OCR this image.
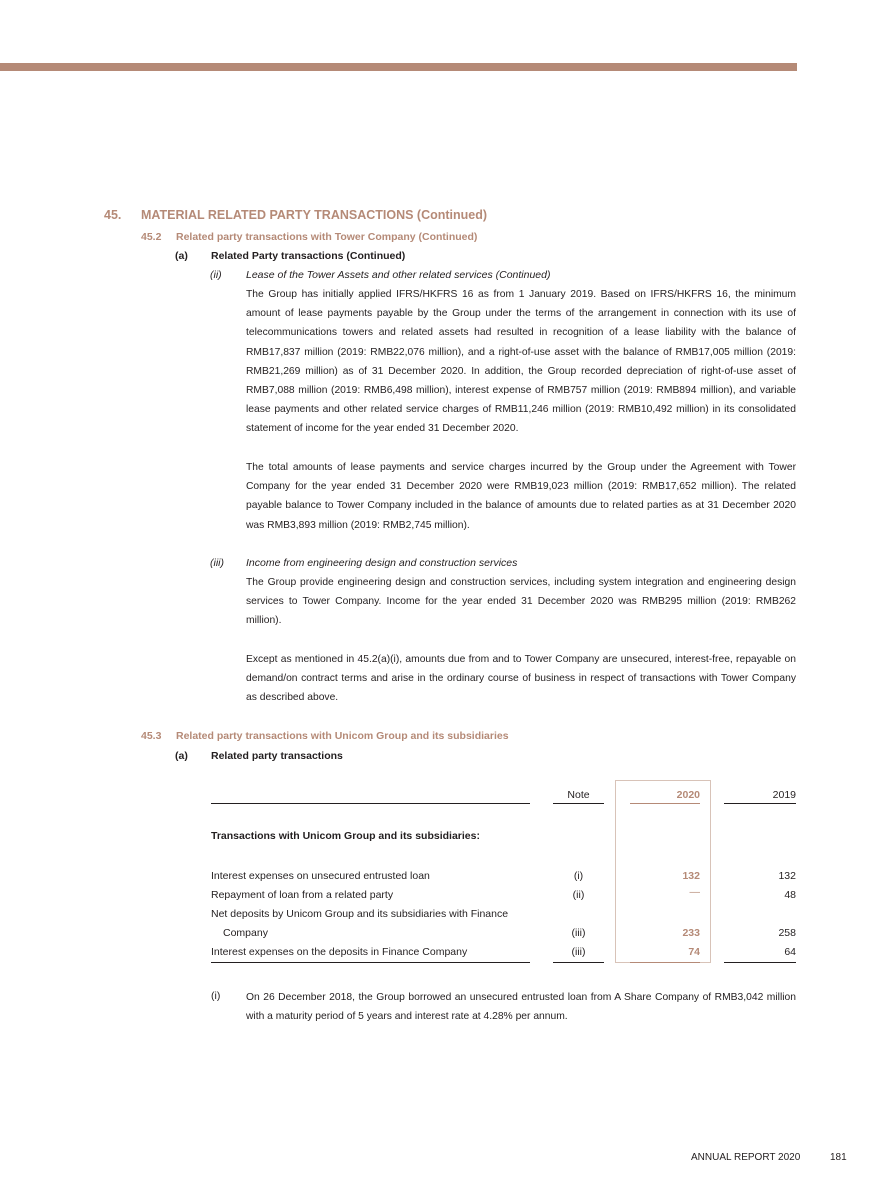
45. MATERIAL RELATED PARTY TRANSACTIONS (Continued)
45.2 Related party transactions with Tower Company (Continued)
(a) Related Party transactions (Continued)
(ii) Lease of the Tower Assets and other related services (Continued)

The Group has initially applied IFRS/HKFRS 16 as from 1 January 2019. Based on IFRS/HKFRS 16, the minimum amount of lease payments payable by the Group under the terms of the arrangement in connection with its use of telecommunications towers and related assets had resulted in recognition of a lease liability with the balance of RMB17,837 million (2019: RMB22,076 million), and a right-of-use asset with the balance of RMB17,005 million (2019: RMB21,269 million) as of 31 December 2020. In addition, the Group recorded depreciation of right-of-use asset of RMB7,088 million (2019: RMB6,498 million), interest expense of RMB757 million (2019: RMB894 million), and variable lease payments and other related service charges of RMB11,246 million (2019: RMB10,492 million) in its consolidated statement of income for the year ended 31 December 2020.

The total amounts of lease payments and service charges incurred by the Group under the Agreement with Tower Company for the year ended 31 December 2020 were RMB19,023 million (2019: RMB17,652 million). The related payable balance to Tower Company included in the balance of amounts due to related parties as at 31 December 2020 was RMB3,893 million (2019: RMB2,745 million).

(iii) Income from engineering design and construction services

The Group provide engineering design and construction services, including system integration and engineering design services to Tower Company. Income for the year ended 31 December 2020 was RMB295 million (2019: RMB262 million).

Except as mentioned in 45.2(a)(i), amounts due from and to Tower Company are unsecured, interest-free, repayable on demand/on contract terms and arise in the ordinary course of business in respect of transactions with Tower Company as described above.

45.3 Related party transactions with Unicom Group and its subsidiaries
(a) Related party transactions
Note	2020	2019
Transactions with Unicom Group and its subsidiaries:
Interest expenses on unsecured entrusted loan	(i)	132	132
Repayment of loan from a related party	(ii)	—	48
Net deposits by Unicom Group and its subsidiaries with Finance
Company	(iii)	233	258
Interest expenses on the deposits in Finance Company	(iii)	74	64
(i) On 26 December 2018, the Group borrowed an unsecured entrusted loan from A Share Company of RMB3,042 million with a maturity period of 5 years and interest rate at 4.28% per annum.

ANNUAL REPORT 2020	181
